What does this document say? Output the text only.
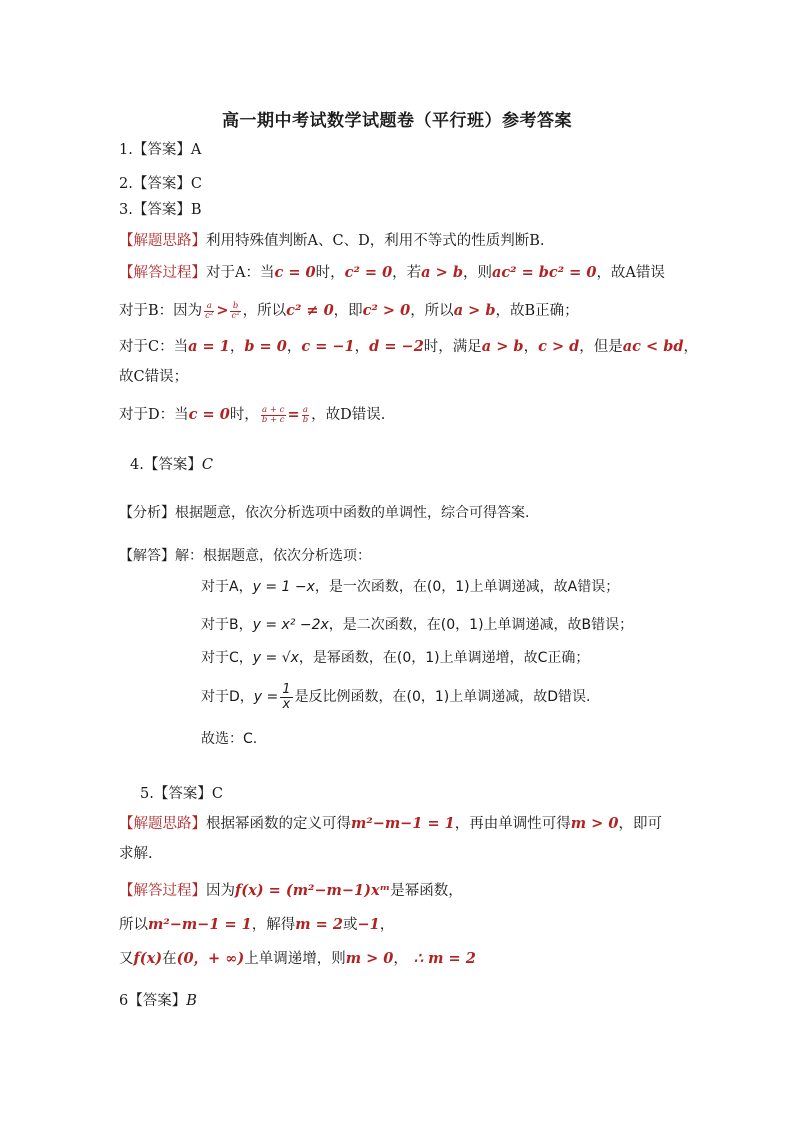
高一期中考试数学试题卷（平行班）参考答案
1.【答案】A
2.【答案】C
3.【答案】B
【解题思路】利用特殊值判断A、C、D，利用不等式的性质判断B.
【解答过程】对于A：当c = 0时，c² = 0，若a > b，则ac² = bc² = 0，故A错误
对于B：因为 $\frac{a}{\text{c²}} > \frac{b}{\text{c²}}$ ，所以c² ≠ 0，即c² > 0，所以a > b，故B正确；
对于C：当a = 1，b = 0，c = −1，d = −2时，满足a > b，c > d，但是ac < bd，
故C错误；
对于D：当c = 0时， $\frac{a + c}{b + c} = \frac{a}{b}$ ，故D错误.
4.【答案】C
【分析】根据题意，依次分析选项中函数的单调性，综合可得答案.
【解答】解：根据题意，依次分析选项：
对于A，y = 1 −x，是一次函数，在(0，1)上单调递减，故A错误；
对于B，y = x² −2x，是二次函数，在(0，1)上单调递减，故B错误；
对于C，y = √x，是幂函数，在(0，1)上单调递增，故C正确；
对于D，$y = \frac{1}{x}$ 是反比例函数，在(0，1)上单调递减，故D错误.
故选：C.
5.【答案】C
【解题思路】根据幂函数的定义可得m²−m−1 = 1，再由单调性可得m > 0，即可
求解.
【解答过程】因为f(x) = (m²−m−1)xᵐ是幂函数，
所以m²−m−1 = 1，解得m = 2或−1，
又f(x)在(0，+ ∞)上单调递增，则m > 0， ∴ m = 2
6【答案】B
